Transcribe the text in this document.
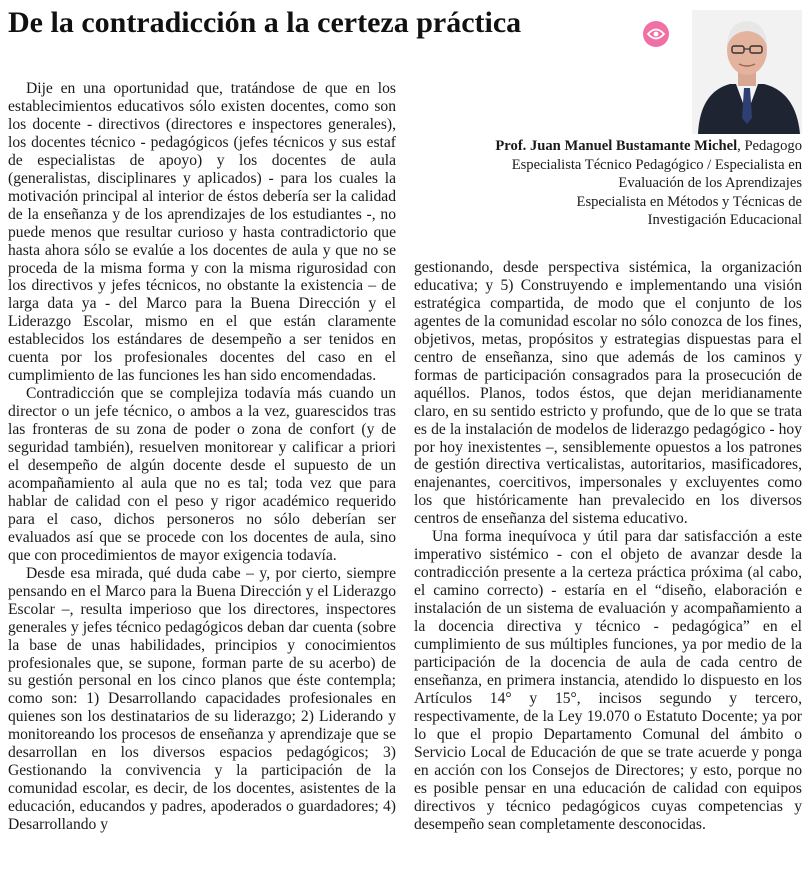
De la contradicción a la certeza práctica
Prof. Juan Manuel Bustamante Michel, Pedagogo
Especialista Técnico Pedagógico / Especialista en
Evaluación de los Aprendizajes
Especialista en Métodos y Técnicas de
Investigación Educacional

Dije en una oportunidad que, tratándose de que en los establecimientos educativos sólo existen docentes, como son los docente - directivos (directores e inspectores generales), los docentes técnico - pedagógicos (jefes técnicos y sus estaf de especialistas de apoyo) y los docentes de aula (generalistas, disciplinares y aplicados) - para los cuales la motivación principal al interior de éstos debería ser la calidad de la enseñanza y de los aprendizajes de los estudiantes -, no puede menos que resultar curioso y hasta contradictorio que hasta ahora sólo se evalúe a los docentes de aula y que no se proceda de la misma forma y con la misma rigurosidad con los directivos y jefes técnicos, no obstante la existencia – de larga data ya - del Marco para la Buena Dirección y el Liderazgo Escolar, mismo en el que están claramente establecidos los estándares de desempeño a ser tenidos en cuenta por los profesionales docentes del caso en el cumplimiento de las funciones les han sido encomendadas.

Contradicción que se complejiza todavía más cuando un director o un jefe técnico, o ambos a la vez, guarescidos tras las fronteras de su zona de poder o zona de confort (y de seguridad también), resuelven monitorear y calificar a priori el desempeño de algún docente desde el supuesto de un acompañamiento al aula que no es tal; toda vez que para hablar de calidad con el peso y rigor académico requerido para el caso, dichos personeros no sólo deberían ser evaluados así que se procede con los docentes de aula, sino que con procedimientos de mayor exigencia todavía.

Desde esa mirada, qué duda cabe – y, por cierto, siempre pensando en el Marco para la Buena Dirección y el Liderazgo Escolar –, resulta imperioso que los directores, inspectores generales y jefes técnico pedagógicos deban dar cuenta (sobre la base de unas habilidades, principios y conocimientos profesionales que, se supone, forman parte de su acerbo) de su gestión personal en los cinco planos que éste contempla; como son: 1) Desarrollando capacidades profesionales en quienes son los destinatarios de su liderazgo; 2) Liderando y monitoreando los procesos de enseñanza y aprendizaje que se desarrollan en los diversos espacios pedagógicos; 3) Gestionando la convivencia y la participación de la comunidad escolar, es decir, de los docentes, asistentes de la educación, educandos y padres, apoderados o guardadores; 4) Desarrollando y

gestionando, desde perspectiva sistémica, la organización educativa; y 5) Construyendo e implementando una visión estratégica compartida, de modo que el conjunto de los agentes de la comunidad escolar no sólo conozca de los fines, objetivos, metas, propósitos y estrategias dispuestas para el centro de enseñanza, sino que además de los caminos y formas de participación consagrados para la prosecución de aquéllos. Planos, todos éstos, que dejan meridianamente claro, en su sentido estricto y profundo, que de lo que se trata es de la instalación de modelos de liderazgo pedagógico - hoy por hoy inexistentes –, sensiblemente opuestos a los patrones de gestión directiva verticalistas, autoritarios, masificadores, enajenantes, coercitivos, impersonales y excluyentes como los que históricamente han prevalecido en los diversos centros de enseñanza del sistema educativo.

Una forma inequívoca y útil para dar satisfacción a este imperativo sistémico - con el objeto de avanzar desde la contradicción presente a la certeza práctica próxima (al cabo, el camino correcto) - estaría en el “diseño, elaboración e instalación de un sistema de evaluación y acompañamiento a la docencia directiva y técnico - pedagógica” en el cumplimiento de sus múltiples funciones, ya por medio de la participación de la docencia de aula de cada centro de enseñanza, en primera instancia, atendido lo dispuesto en los Artículos 14° y 15°, incisos segundo y tercero, respectivamente, de la Ley 19.070 o Estatuto Docente; ya por lo que el propio Departamento Comunal del ámbito o Servicio Local de Educación de que se trate acuerde y ponga en acción con los Consejos de Directores; y esto, porque no es posible pensar en una educación de calidad con equipos directivos y técnico pedagógicos cuyas competencias y desempeño sean completamente desconocidas.
